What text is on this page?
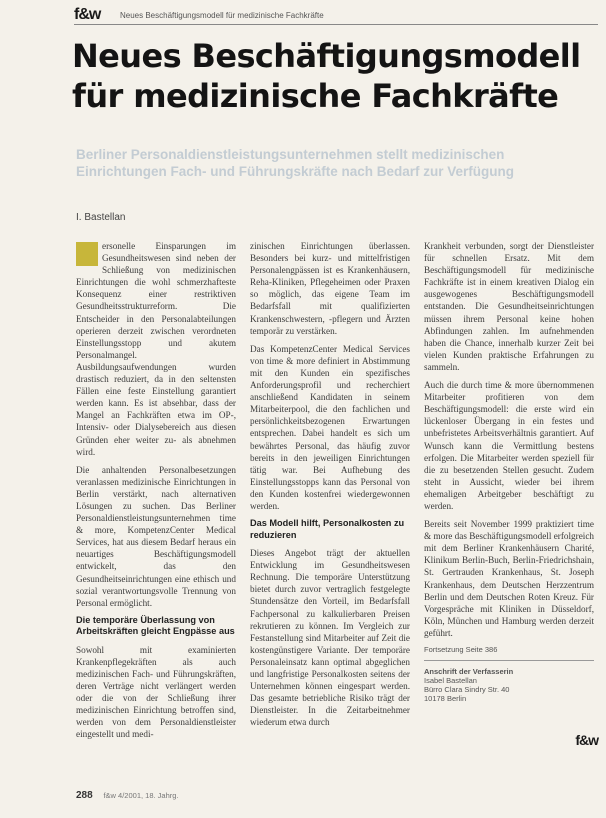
f&w Neues Beschäftigungsmodell für medizinische Fachkräfte
Neues Beschäftigungsmodell
für medizinische Fachkräfte
Berliner Personaldienstleistungsunternehmen stellt medizinischen Einrichtungen Fach- und Führungskräfte nach Bedarf zur Verfügung
I. Bastellan

P ersonelle Einsparungen im Gesundheitswesen sind neben der Schließung von medizinischen Einrichtungen die wohl schmerzhafteste Konsequenz einer restriktiven Gesundheitsstrukturreform. Die Entscheider in den Personalabteilungen operieren derzeit zwischen verordneten Einstellungsstopp und akutem Personalmangel. Ausbildungsaufwendungen wurden drastisch reduziert, da in den seltensten Fällen eine feste Einstellung garantiert werden kann. Es ist absehbar, dass der Mangel an Fachkräften etwa im OP-, Intensiv- oder Dialysebereich aus diesen Gründen eher weiter zu- als abnehmen wird.

Die anhaltenden Personalbesetzungen veranlassen medizinische Einrichtungen in Berlin verstärkt, nach alternativen Lösungen zu suchen. Das Berliner Personaldienstleistungsunternehmen time & more, KompetenzCenter Medical Services, hat aus diesem Bedarf heraus ein neuartiges Beschäftigungsmodell entwickelt, das den Gesundheitseinrichtungen eine ethisch und sozial verantwortungsvolle Trennung von Personal ermöglicht.

Die temporäre Überlassung von Arbeitskräften gleicht Engpässe aus

Sowohl mit examinierten Krankenpflegekräften als auch medizinischen Fach- und Führungskräften, deren Verträge nicht verlängert werden oder die von der Schließung ihrer medizinischen Einrichtung betroffen sind, werden von dem Personaldienstleister eingestellt und medi-

zinischen Einrichtungen überlassen. Besonders bei kurz- und mittelfristigen Personalengpässen ist es Krankenhäusern, Reha-Kliniken, Pflegeheimen oder Praxen so möglich, das eigene Team im Bedarfsfall mit qualifizierten Krankenschwestern, -pflegern und Ärzten temporär zu verstärken.

Das KompetenzCenter Medical Services von time & more definiert in Abstimmung mit den Kunden ein spezifisches Anforderungsprofil und recherchiert anschließend Kandidaten in seinem Mitarbeiterpool, die den fachlichen und persönlichkeitsbezogenen Erwartungen entsprechen. Dabei handelt es sich um bewährtes Personal, das häufig zuvor bereits in den jeweiligen Einrichtungen tätig war. Bei Aufhebung des Einstellungsstopps kann das Personal von den Kunden kostenfrei wiedergewonnen werden.

Das Modell hilft, Personalkosten zu reduzieren

Dieses Angebot trägt der aktuellen Entwicklung im Gesundheitswesen Rechnung. Die temporäre Unterstützung bietet durch zuvor vertraglich festgelegte Stundensätze den Vorteil, im Bedarfsfall Fachpersonal zu kalkulierbaren Preisen rekrutieren zu können. Im Vergleich zur Festanstellung sind Mitarbeiter auf Zeit die kostengünstigere Variante. Der temporäre Personaleinsatz kann optimal abgeglichen und langfristige Personalkosten seitens der Unternehmen können eingespart werden. Das gesamte betriebliche Risiko trägt der Dienstleister. In die Zeitarbeitnehmer wiederum etwa durch

Krankheit verbunden, sorgt der Dienstleister für schnellen Ersatz. Mit dem Beschäftigungsmodell für medizinische Fachkräfte ist in einem kreativen Dialog ein ausgewogenes Beschäftigungsmodell entstanden. Die Gesundheitseinrichtungen müssen ihrem Personal keine hohen Abfindungen zahlen. Im aufnehmenden haben die Chance, innerhalb kurzer Zeit bei vielen Kunden praktische Erfahrungen zu sammeln.

Auch die durch time & more übernommenen Mitarbeiter profitieren von dem Beschäftigungsmodell: die erste wird ein lückenloser Übergang in ein festes und unbefristetes Arbeitsverhältnis garantiert. Auf Wunsch kann die Vermittlung bestens erfolgen. Die Mitarbeiter werden speziell für die zu besetzenden Stellen gesucht. Zudem steht in Aussicht, wieder bei ihrem ehemaligen Arbeitgeber beschäftigt zu werden.

Bereits seit November 1999 praktiziert time & more das Beschäftigungsmodell erfolgreich mit dem Berliner Krankenhäusern Charité, Klinikum Berlin-Buch, Berlin-Friedrichshain, St. Gertrauden Krankenhaus, St. Joseph Krankenhaus, dem Deutschen Herzzentrum Berlin und dem Deutschen Roten Kreuz. Für Vorgespräche mit Kliniken in Düsseldorf, Köln, München und Hamburg werden derzeit geführt.

Fortsetzung Seite 386
Anschrift der Verfasserin
Isabel Bastellan
Bürro Clara Sindry Str. 40
10178 Berlin
f&w
288 f&w 4/2001, 18. Jahrg.
